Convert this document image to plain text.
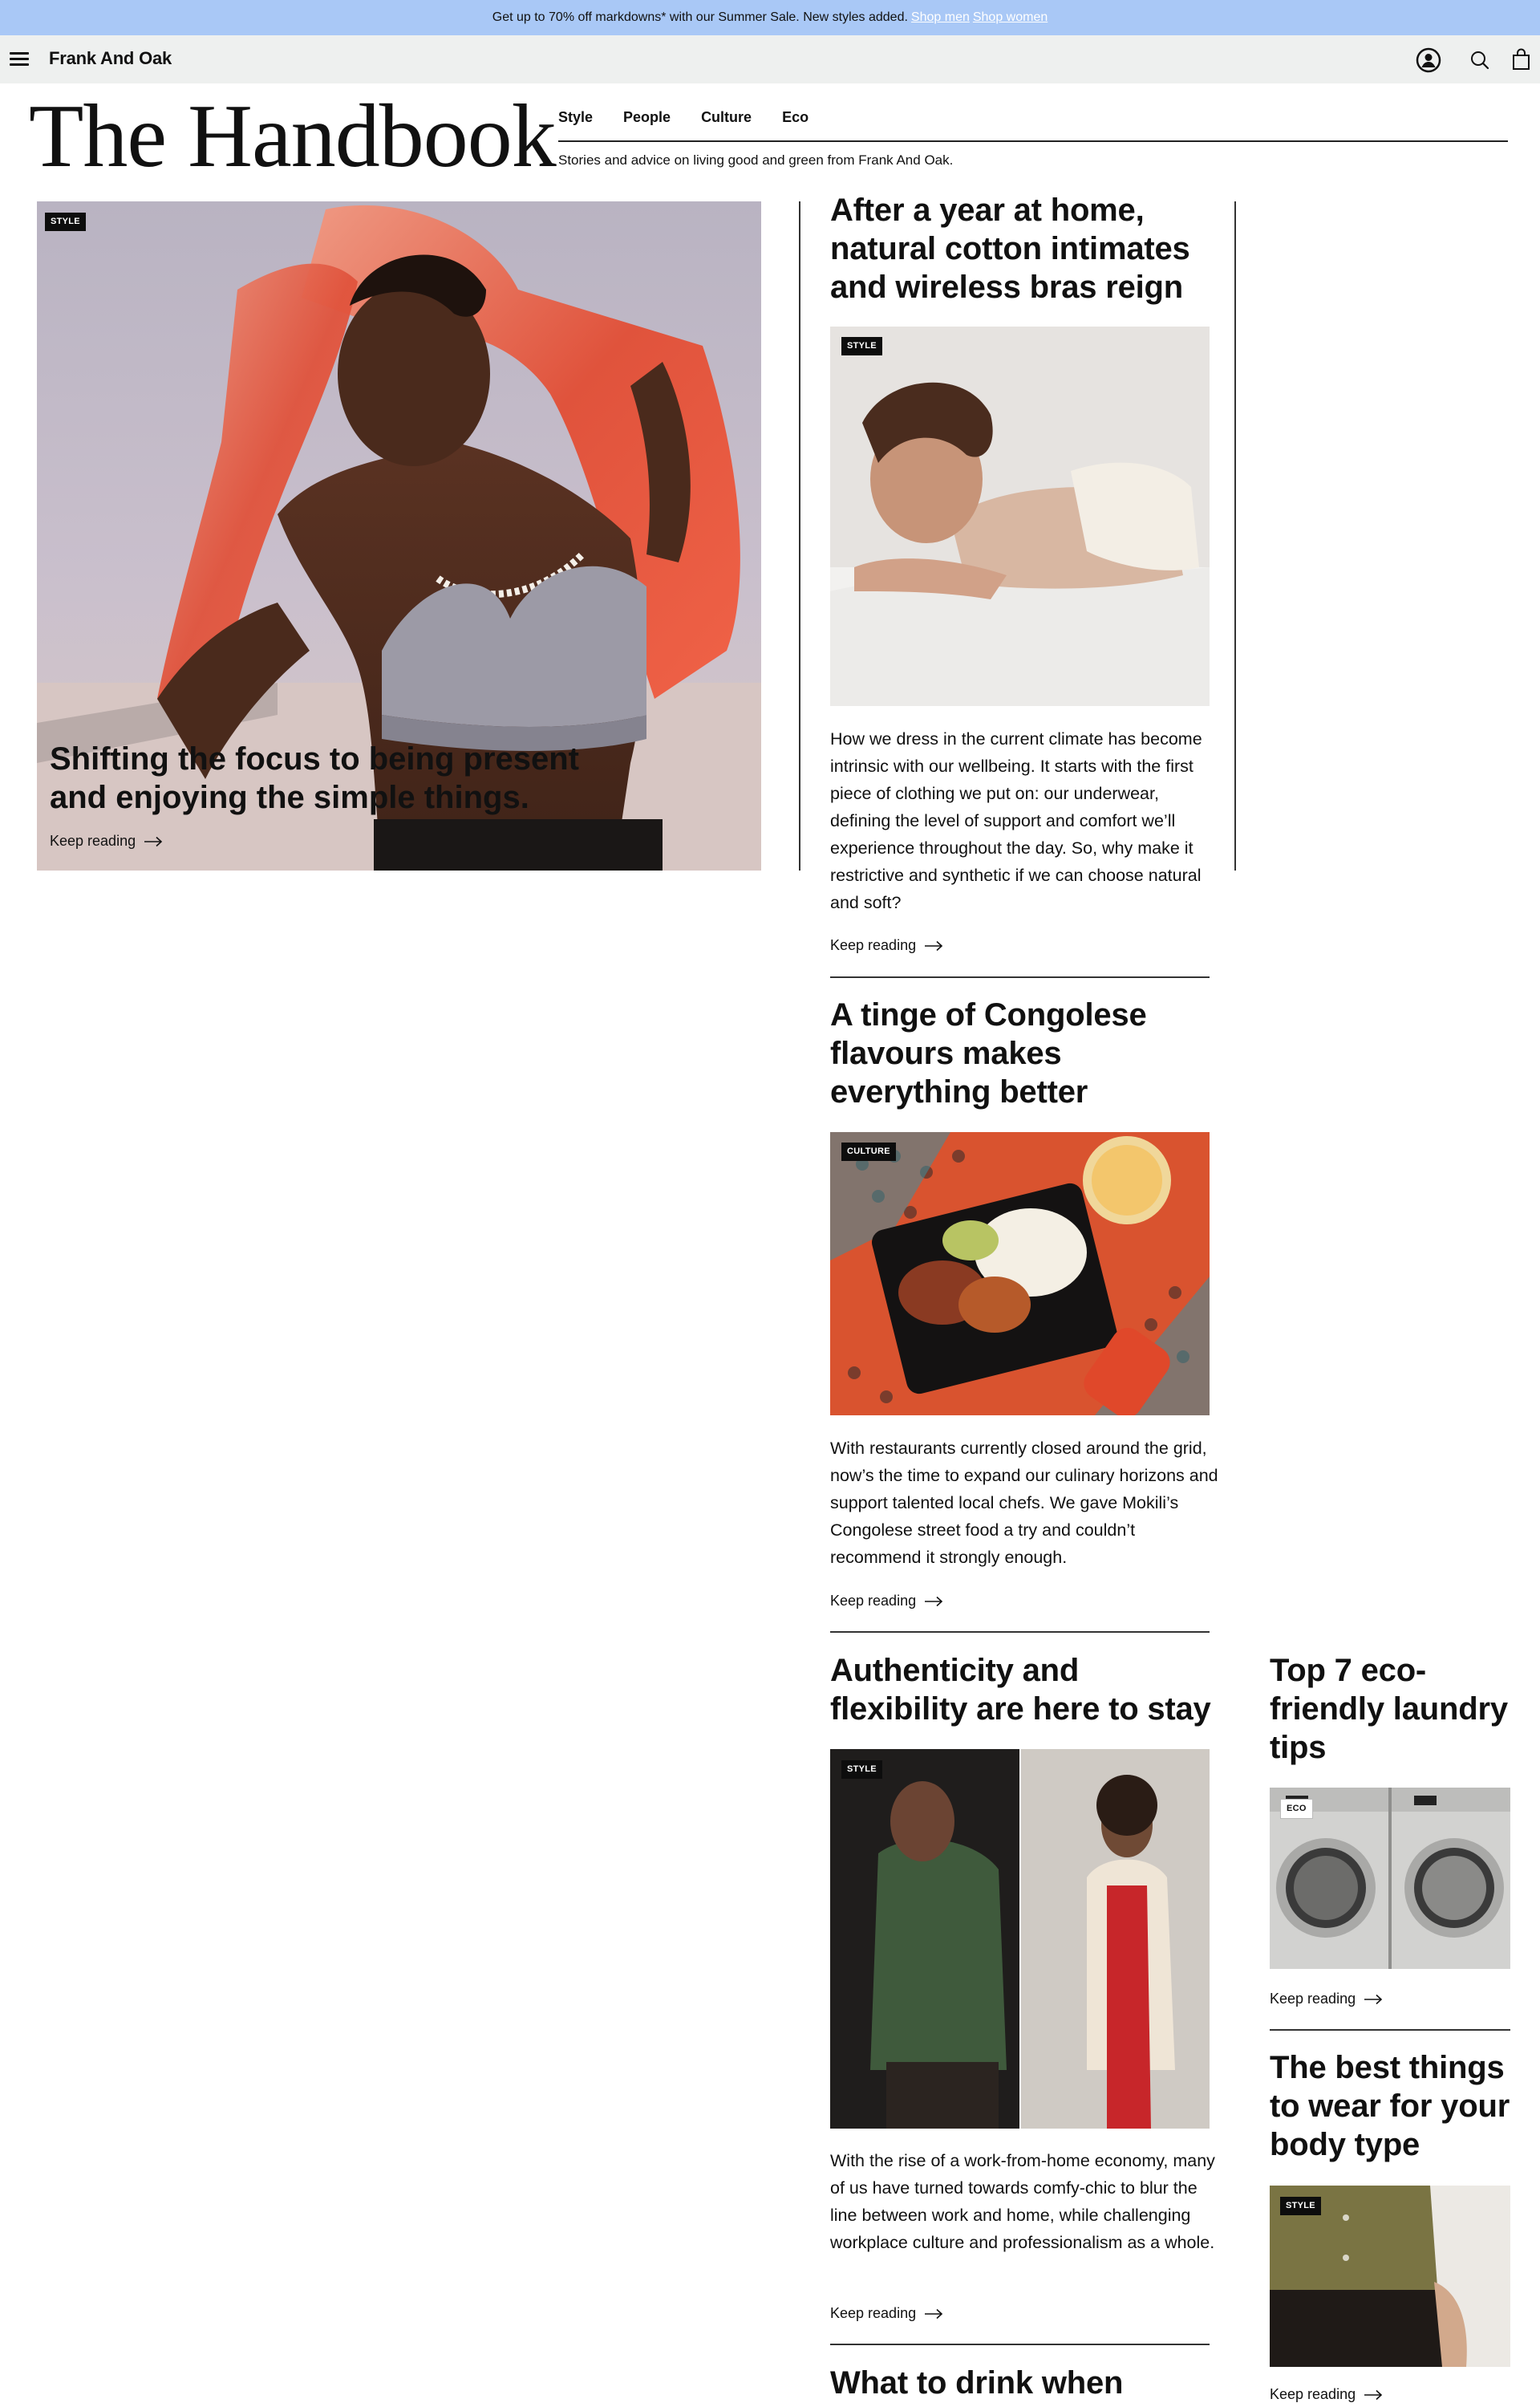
Get up to 70% off markdowns* with our Summer Sale. New styles added. Shop men Shop women
Frank And Oak
The Handbook Style People Culture Eco
Stories and advice on living good and green from Frank And Oak.
STYLE
Shifting the focus to being present and enjoying the simple things.
Keep reading
After a year at home, natural cotton intimates and wireless bras reign
STYLE
How we dress in the current climate has become intrinsic with our wellbeing. It starts with the first piece of clothing we put on: our underwear, defining the level of support and comfort we’ll experience throughout the day. So, why make it restrictive and synthetic if we can choose natural and soft?
Keep reading
A tinge of Congolese flavours makes everything better
CULTURE
With restaurants currently closed around the grid, now’s the time to expand our culinary horizons and support talented local chefs. We gave Mokili’s Congolese street food a try and couldn’t recommend it strongly enough.
Keep reading
Authenticity and flexibility are here to stay
STYLE
With the rise of a work-from-home economy, many of us have turned towards comfy-chic to blur the line between work and home, while challenging workplace culture and professionalism as a whole.
Keep reading
What to drink when
Top 7 eco-friendly laundry tips
ECO
Keep reading
The best things to wear for your body type
STYLE
Keep reading
